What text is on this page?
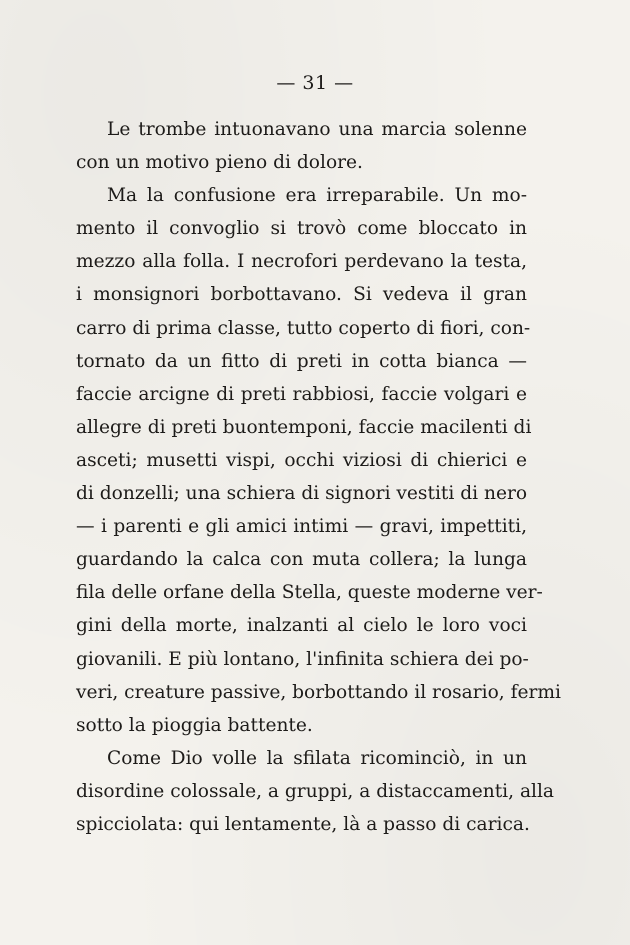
— 31 —

Le trombe intuonavano una marcia solenne
con un motivo pieno di dolore.

Ma la confusione era irreparabile. Un mo-
mento il convoglio si trovò come bloccato in
mezzo alla folla. I necrofori perdevano la testa,
i monsignori borbottavano. Si vedeva il gran
carro di prima classe, tutto coperto di fiori, con-
tornato da un fitto di preti in cotta bianca —
faccie arcigne di preti rabbiosi, faccie volgari e
allegre di preti buontemponi, faccie macilenti di
asceti; musetti vispi, occhi viziosi di chierici e
di donzelli; una schiera di signori vestiti di nero
— i parenti e gli amici intimi — gravi, impettiti,
guardando la calca con muta collera; la lunga
fila delle orfane della Stella, queste moderne ver-
gini della morte, inalzanti al cielo le loro voci
giovanili. E più lontano, l'infinita schiera dei po-
veri, creature passive, borbottando il rosario, fermi
sotto la pioggia battente.

Come Dio volle la sfilata ricominciò, in un
disordine colossale, a gruppi, a distaccamenti, alla
spicciolata: qui lentamente, là a passo di carica.
